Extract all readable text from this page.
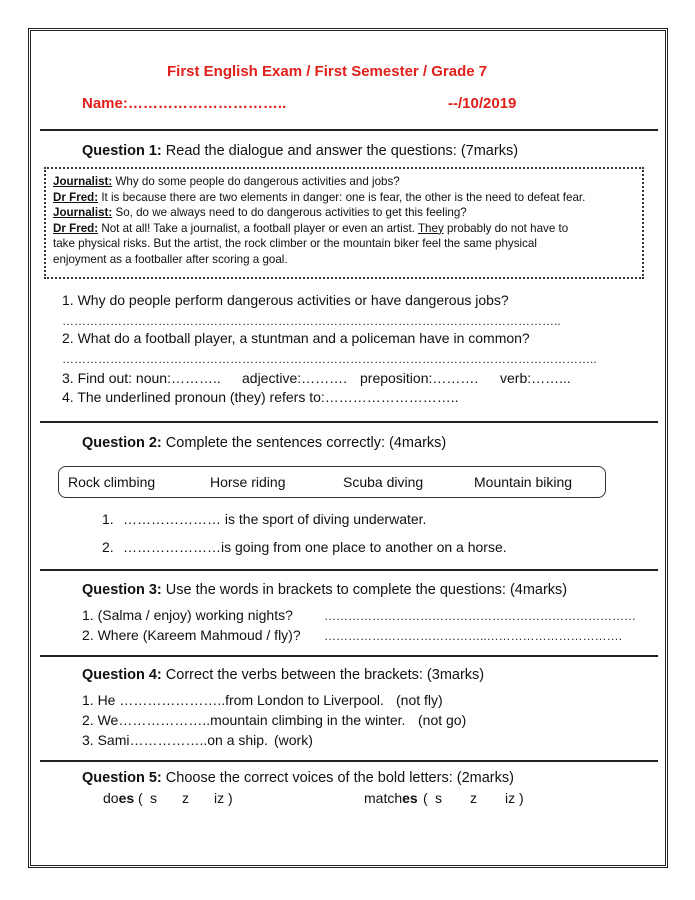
First English Exam / First Semester / Grade 7
Name:…………………………..	--/10/2019
Question 1: Read the dialogue and answer the questions: (7marks)
Journalist: Why do some people do dangerous activities and jobs?
Dr Fred: It is because there are two elements in danger: one is fear, the other is the need to defeat fear.
Journalist: So, do we always need to do dangerous activities to get this feeling?
Dr Fred: Not at all! Take a journalist, a football player or even an artist. They probably do not have to
take physical risks. But the artist, the rock climber or the mountain biker feel the same physical
enjoyment as a footballer after scoring a goal.
1. Why do people perform dangerous activities or have dangerous jobs?
……………………………………………………………………………………………………………..
2. What do a football player, a stuntman and a policeman have in common?
……………………………………………………………………………………………………………………..
3. Find out: noun:……….. adjective:………. preposition:………. verb:……...
4. The underlined pronoun (they) refers to:………………………..
Question 2: Complete the sentences correctly: (4marks)
Rock climbing	Horse riding	Scuba diving	Mountain biking
1. ………………… is the sport of diving underwater.
2. …………………is going from one place to another on a horse.
Question 3: Use the words in brackets to complete the questions: (4marks)
1. (Salma / enjoy) working nights?	……………………………………………………………………
2. Where (Kareem Mahmoud / fly)? …………………………………..…………………………….
Question 4: Correct the verbs between the brackets: (3marks)
1. He …………………..from London to Liverpool. (not fly)
2. We………………..mountain climbing in the winter. (not go)
3. Sami……………..on a ship. (work)
Question 5: Choose the correct voices of the bold letters: (2marks)
does ( s z iz )	matches ( s z iz )
